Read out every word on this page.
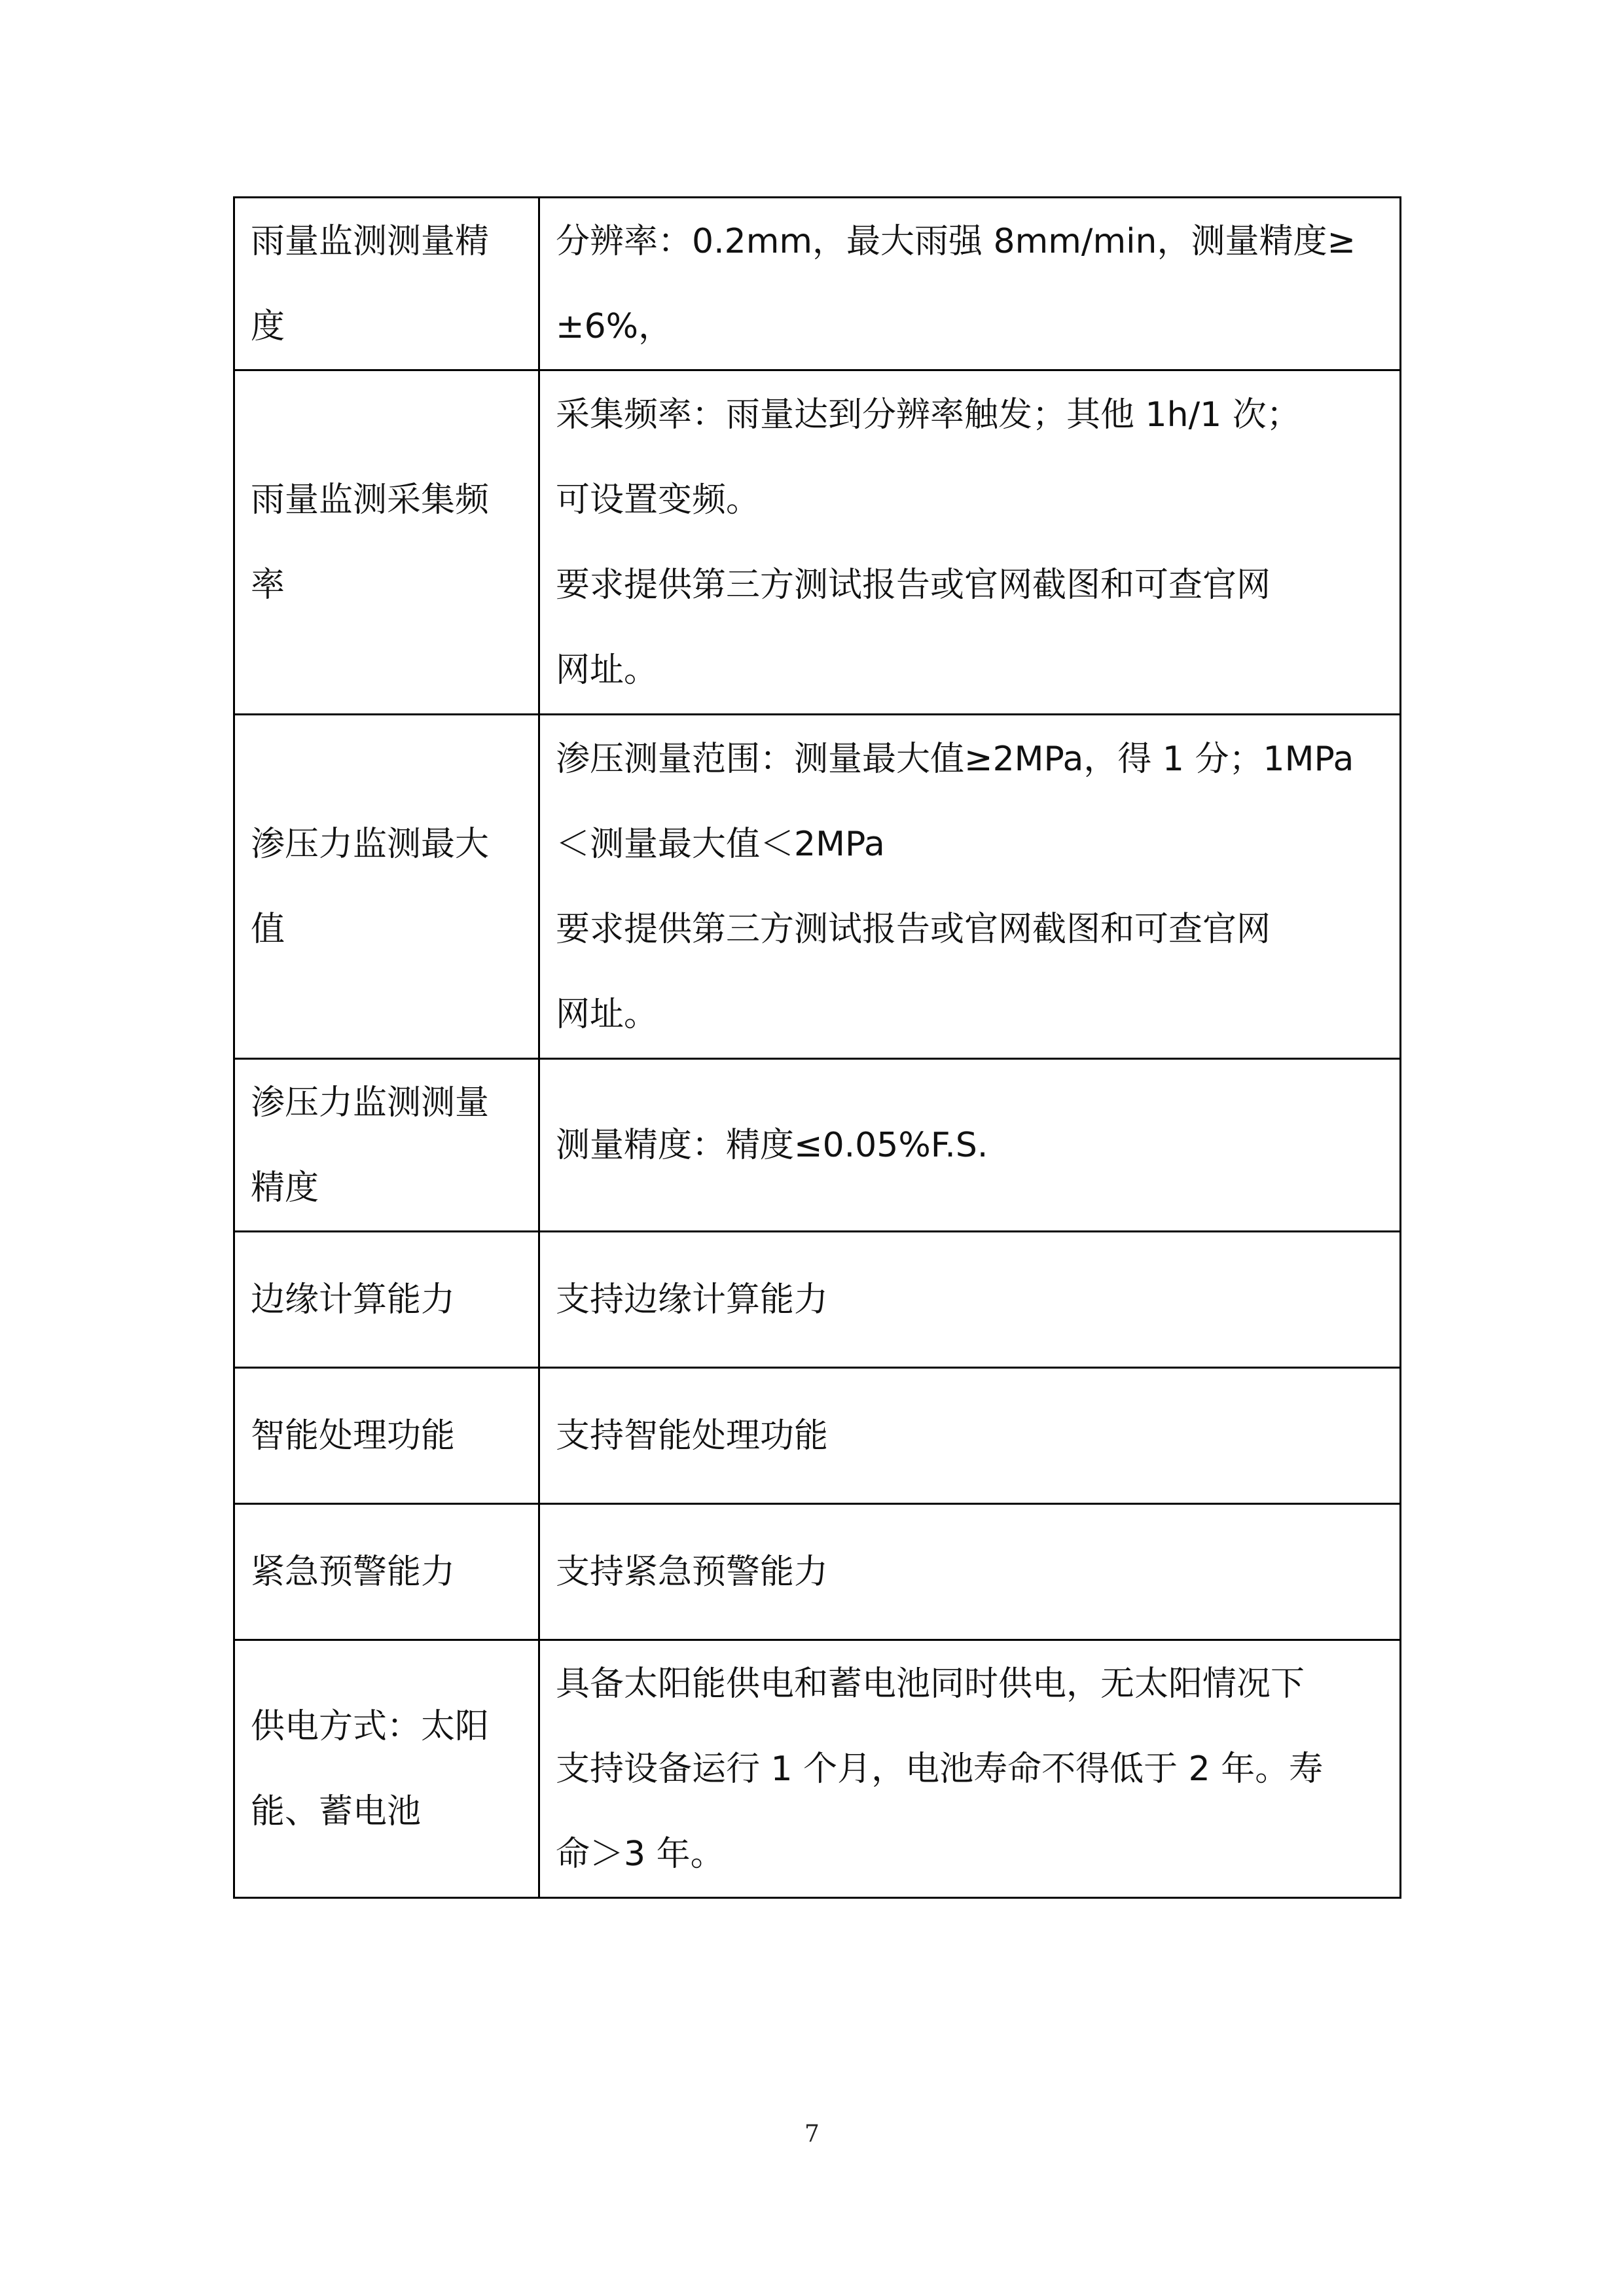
雨量监测测量精
度	分辨率：0.2mm，最大雨强 8mm/min，测量精度≥
±6%，

雨量监测采集频
率	采集频率：雨量达到分辨率触发；其他 1h/1 次；
可设置变频。
要求提供第三方测试报告或官网截图和可查官网
网址。

渗压力监测最大
值	渗压测量范围：测量最大值≥2MPa，得 1 分；1MPa
＜测量最大值＜2MPa
要求提供第三方测试报告或官网截图和可查官网
网址。

渗压力监测测量
精度	测量精度：精度≤0.05%F.S.

边缘计算能力	支持边缘计算能力

智能处理功能	支持智能处理功能

紧急预警能力	支持紧急预警能力

供电方式：太阳
能、蓄电池	具备太阳能供电和蓄电池同时供电，无太阳情况下
支持设备运行 1 个月，电池寿命不得低于 2 年。寿
命＞3 年。
7
